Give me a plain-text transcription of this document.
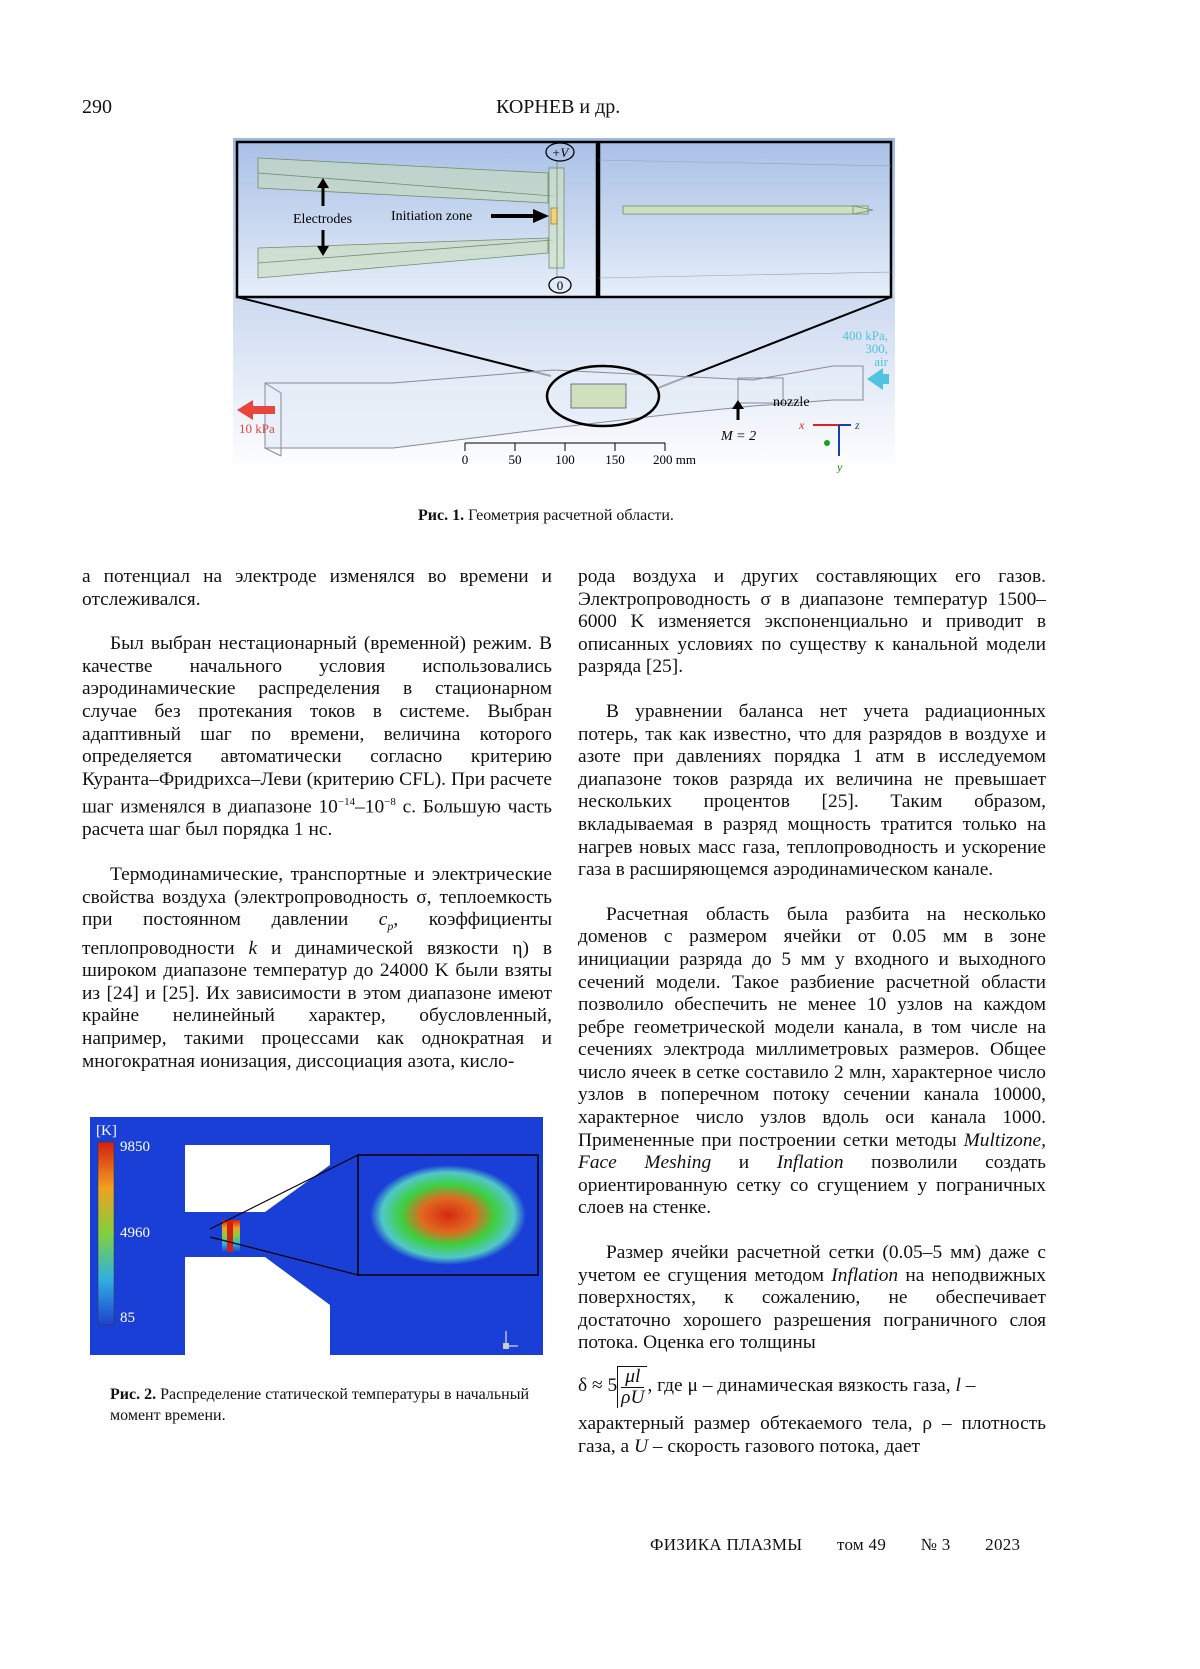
290	КОРНЕВ и др.
+V
0
Electrodes	Initiation zone
10 kPa
400 kPa,
300,
air
nozzle
M = 2
x
y
z
0	50	100 150 200 mm
Рис. 1. Геометрия расчетной области.

а потенциал на электроде изменялся во времени и отслеживался.

Был выбран нестационарный (временной) режим. В качестве начального условия использовались аэродинамические распределения в стационарном случае без протекания токов в системе. Выбран адаптивный шаг по времени, величина которого определяется автоматически согласно критерию Куранта–Фридрихса–Леви (критерию CFL). При расчете шаг изменялся в диапазоне 10−14–10−8 с. Большую часть расчета шаг был порядка 1 нс.

Термодинамические, транспортные и электрические свойства воздуха (электропроводность σ, теплоемкость при постоянном давлении cp, коэффициенты теплопроводности k и динамической вязкости η) в широком диапазоне температур до 24000 K были взяты из [24] и [25]. Их зависимости в этом диапазоне имеют крайне нелинейный характер, обусловленный, например, такими процессами как однократная и многократная ионизация, диссоциация азота, кисло-

[K]
9850
4960
85
Рис. 2. Распределение статической температуры в начальный момент времени.

рода воздуха и других составляющих его газов. Электропроводность σ в диапазоне температур 1500–6000 K изменяется экспоненциально и приводит в описанных условиях по существу к канальной модели разряда [25].

В уравнении баланса нет учета радиационных потерь, так как известно, что для разрядов в воздухе и азоте при давлениях порядка 1 атм в исследуемом диапазоне токов разряда их величина не превышает нескольких процентов [25]. Таким образом, вкладываемая в разряд мощность тратится только на нагрев новых масс газа, теплопроводность и ускорение газа в расширяющемся аэродинамическом канале.

Расчетная область была разбита на несколько доменов с размером ячейки от 0.05 мм в зоне инициации разряда до 5 мм у входного и выходного сечений модели. Такое разбиение расчетной области позволило обеспечить не менее 10 узлов на каждом ребре геометрической модели канала, в том числе на сечениях электрода миллиметровых размеров. Общее число ячеек в сетке составило 2 млн, характерное число узлов в поперечном потоку сечении канала 10000, характерное число узлов вдоль оси канала 1000. Примененные при построении сетки методы Multizone, Face Meshing и Inflation позволили создать ориентированную сетку со сгущением у пограничных слоев на стенке.

Размер ячейки расчетной сетки (0.05–5 мм) даже с учетом ее сгущения методом Inflation на неподвижных поверхностях, к сожалению, не обеспечивает достаточно хорошего разрешения пограничного слоя потока. Оценка его толщины

δ ≈ 5 μl
ρU
, где μ – динамическая вязкость газа, l –

характерный размер обтекаемого тела, ρ – плотность газа, а U – скорость газового потока, дает

ФИЗИКА ПЛАЗМЫ том 49 № 3 2023
